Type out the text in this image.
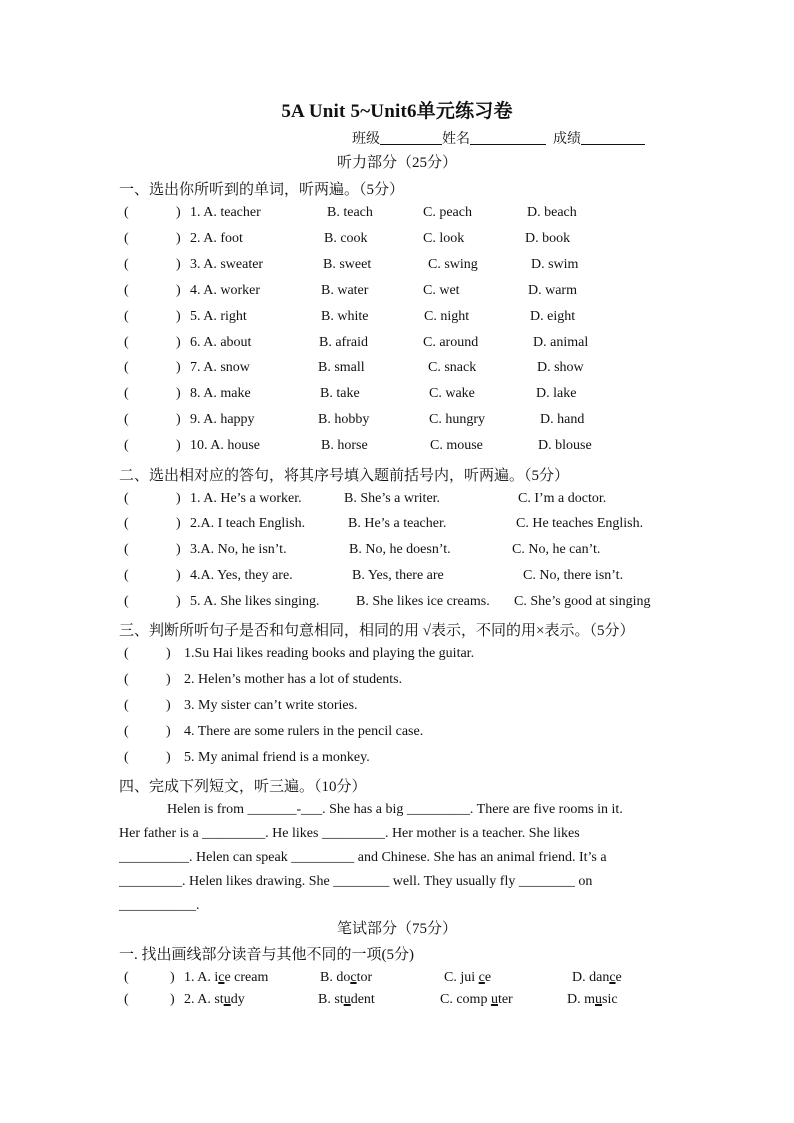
5A Unit 5~Unit6单元练习卷
班级	姓名	成绩
听力部分（25分）
一、选出你所听到的单词，听两遍。（5分）
(	) 1. A. teacher	B. teach	C. peach	D. beach
(	) 2. A. foot	B. cook	C. look	D. book
(	) 3. A. sweater	B. sweet	C. swing	D. swim
(	) 4. A. worker	B. water	C. wet	D. warm
(	) 5. A. right	B. white	C. night	D. eight
(	) 6. A. about	B. afraid	C. around	D. animal
(	) 7. A. snow	B. small	C. snack	D. show
(	) 8. A. make	B. take	C. wake	D. lake
(	) 9. A. happy	B. hobby	C. hungry	D. hand
(	) 10. A. house	B. horse	C. mouse	D. blouse
二、选出相对应的答句，将其序号填入题前括号内，听两遍。（5分）
(	) 1. A. He’s a worker.	B. She’s a writer.	C. I’m a doctor.
(	) 2.A. I teach English.	B. He’s a teacher.	C. He teaches English.
(	) 3.A. No, he isn’t.	B. No, he doesn’t.	C. No, he can’t.
(	) 4.A. Yes, they are.	B. Yes, there are	C. No, there isn’t.
(	) 5. A. She likes singing.	B. She likes ice creams. C. She’s good at singing
三、判断所听句子是否和句意相同，相同的用 √表示，不同的用×表示。（5分）
(	) 1.Su Hai likes reading books and playing the guitar.
(	) 2. Helen’s mother has a lot of students.
(	) 3. My sister can’t write stories.
(	) 4. There are some rulers in the pencil case.
(	) 5. My animal friend is a monkey.
四、完成下列短文，听三遍。（10分）

Helen is from _______-___. She has a big _________. There are five rooms in it.

Her father is a _________. He likes _________. Her mother is a teacher. She likes

__________. Helen can speak _________ and Chinese. She has an animal friend. It’s a

_________. Helen likes drawing. She ________ well. They usually fly ________ on

___________.

笔试部分（75分）
一. 找出画线部分读音与其他不同的一项(5分)
(	) 1. A. ice cream	B. doctor	C. jui ce	D. dance
(	) 2. A. study	B. student	C. comp uter	D. music
